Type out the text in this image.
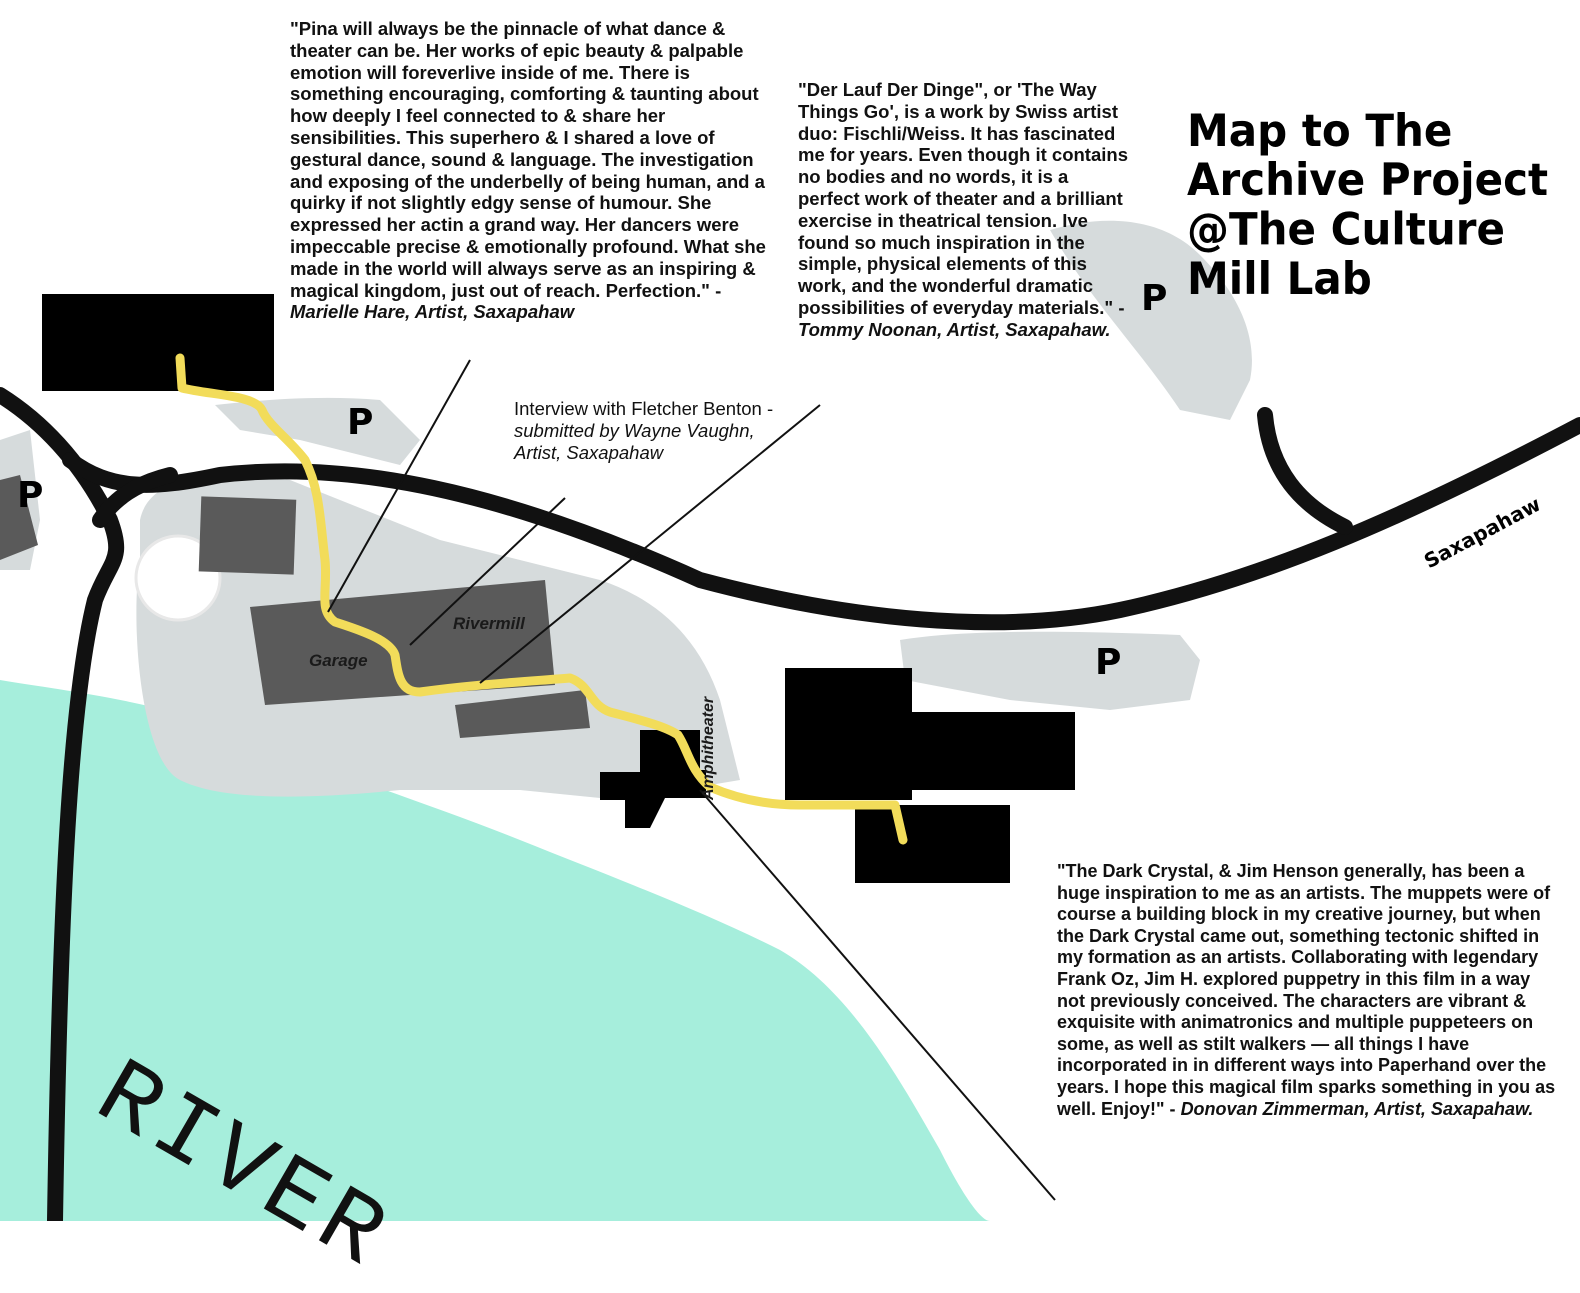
"Pina will always be the pinnacle of what dance & theater can be. Her works of epic beauty & palpable emotion will foreverlive inside of me. There is something encouraging, comforting & taunting about how deeply I feel connected to & share her sensibilities. This superhero & I shared a love of gestural dance, sound & language. The investigation and exposing of the underbelly of being human, and a quirky if not slightly edgy sense of humour. She expressed her actin a grand way. Her dancers were impeccable precise & emotionally profound. What she made in the world will always serve as an inspiring & magical kingdom, just out of reach. Perfection." - Marielle Hare, Artist, Saxapahaw

"Der Lauf Der Dinge", or 'The Way Things Go', is a work by Swiss artist duo: Fischli/Weiss. It has fascinated me for years. Even though it contains no bodies and no words, it is a perfect work of theater and a brilliant exercise in theatrical tension. Ive found so much inspiration in the simple, physical elements of this work, and the wonderful dramatic possibilities of everyday materials." - Tommy Noonan, Artist, Saxapahaw.

Interview with Fletcher Benton - submitted by Wayne Vaughn, Artist, Saxapahaw

"The Dark Crystal, & Jim Henson generally, has been a huge inspiration to me as an artists. The muppets were of course a building block in my creative journey, but when the Dark Crystal came out, something tectonic shifted in my formation as an artists. Collaborating with legendary Frank Oz, Jim H. explored puppetry in this film in a way not previously conceived. The characters are vibrant & exquisite with animatronics and multiple puppeteers on some, as well as stilt walkers — all things I have incorporated in in different ways into Paperhand over the years. I hope this magical film sparks something in you as well. Enjoy!" - Donovan Zimmerman, Artist, Saxapahaw.

Map to The
Archive Project
@The Culture
Mill Lab
Garage
Rivermill
Amphitheater
Saxapahaw
RIVER
P
P
P
P
